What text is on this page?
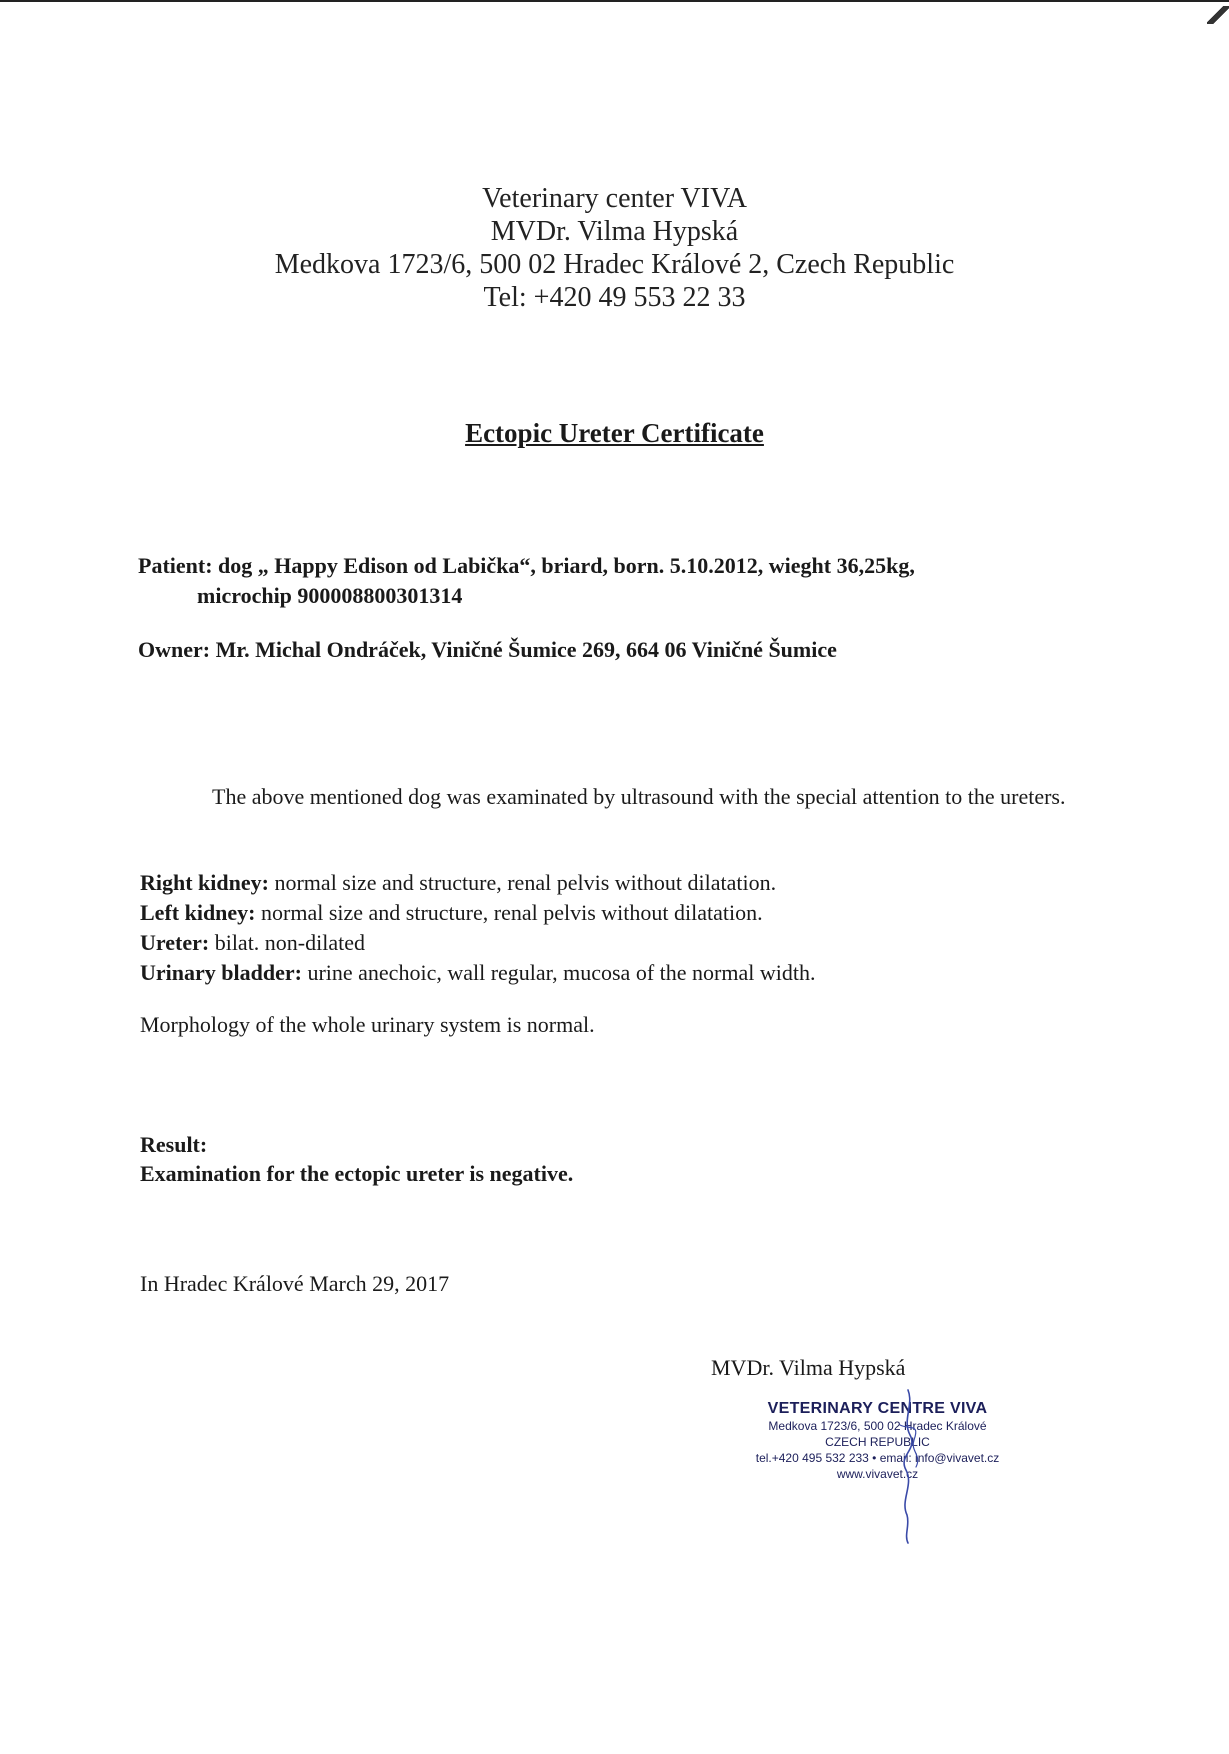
Veterinary center VIVA
MVDr. Vilma Hypská
Medkova 1723/6, 500 02 Hradec Králové 2, Czech Republic
Tel: +420 49 553 22 33
Ectopic Ureter Certificate
Patient: dog „ Happy Edison od Labička“, briard, born. 5.10.2012, wieght 36,25kg,
microchip 900008800301314
Owner: Mr. Michal Ondráček, Viničné Šumice 269, 664 06 Viničné Šumice
The above mentioned dog was examinated by ultrasound with the special attention to the ureters.
Right kidney: normal size and structure, renal pelvis without dilatation.
Left kidney: normal size and structure, renal pelvis without dilatation.
Ureter: bilat. non-dilated
Urinary bladder: urine anechoic, wall regular, mucosa of the normal width.
Morphology of the whole urinary system is normal.
Result:
Examination for the ectopic ureter is negative.
In Hradec Králové March 29, 2017
MVDr. Vilma Hypská
VETERINARY CENTRE VIVA
Medkova 1723/6, 500 02 Hradec Králové
CZECH REPUBLIC
tel.+420 495 532 233 • email: info@vivavet.cz
www.vivavet.cz
